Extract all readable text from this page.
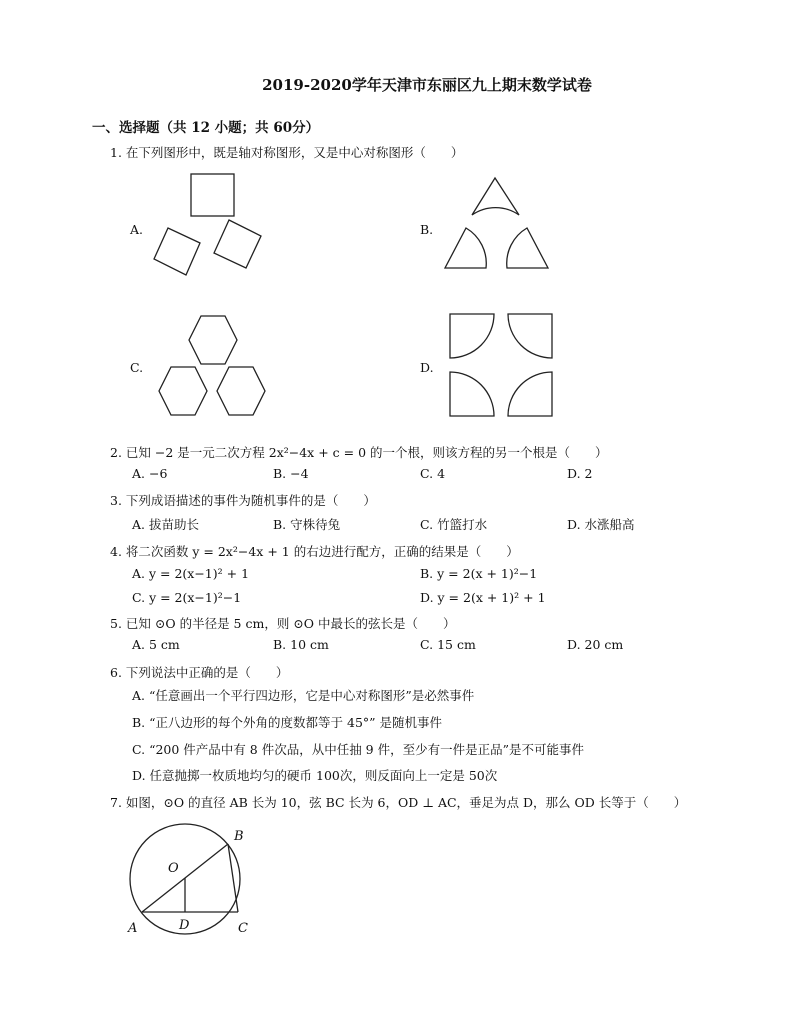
2019-2020学年天津市东丽区九上期末数学试卷
一、选择题（共 12 小题；共 60分）
1. 在下列图形中，既是轴对称图形，又是中心对称图形（　　）
A.	B.
C.	D.
2. 已知 −2 是一元二次方程 2x²−4x + c = 0 的一个根，则该方程的另一个根是（　　）
A. −6	B. −4	C. 4	D. 2
3. 下列成语描述的事件为随机事件的是（　　）
A. 拔苗助长	B. 守株待兔	C. 竹篮打水	D. 水涨船高
4. 将二次函数 y = 2x²−4x + 1 的右边进行配方，正确的结果是（　　）
A. y = 2(x−1)² + 1	B. y = 2(x + 1)²−1
C. y = 2(x−1)²−1	D. y = 2(x + 1)² + 1
5. 已知 ⊙O 的半径是 5 cm，则 ⊙O 中最长的弦长是（　　）
A. 5 cm	B. 10 cm	C. 15 cm	D. 20 cm
6. 下列说法中正确的是（　　）
A. “任意画出一个平行四边形，它是中心对称图形”是必然事件
B. “正八边形的每个外角的度数都等于 45°” 是随机事件
C. “200 件产品中有 8 件次品，从中任抽 9 件，至少有一件是正品”是不可能事件
D. 任意抛掷一枚质地均匀的硬币 100次，则反面向上一定是 50次
7. 如图，⊙O 的直径 AB 长为 10，弦 BC 长为 6，OD ⊥ AC，垂足为点 D，那么 OD 长等于（　　）
A
B
C
D
O
